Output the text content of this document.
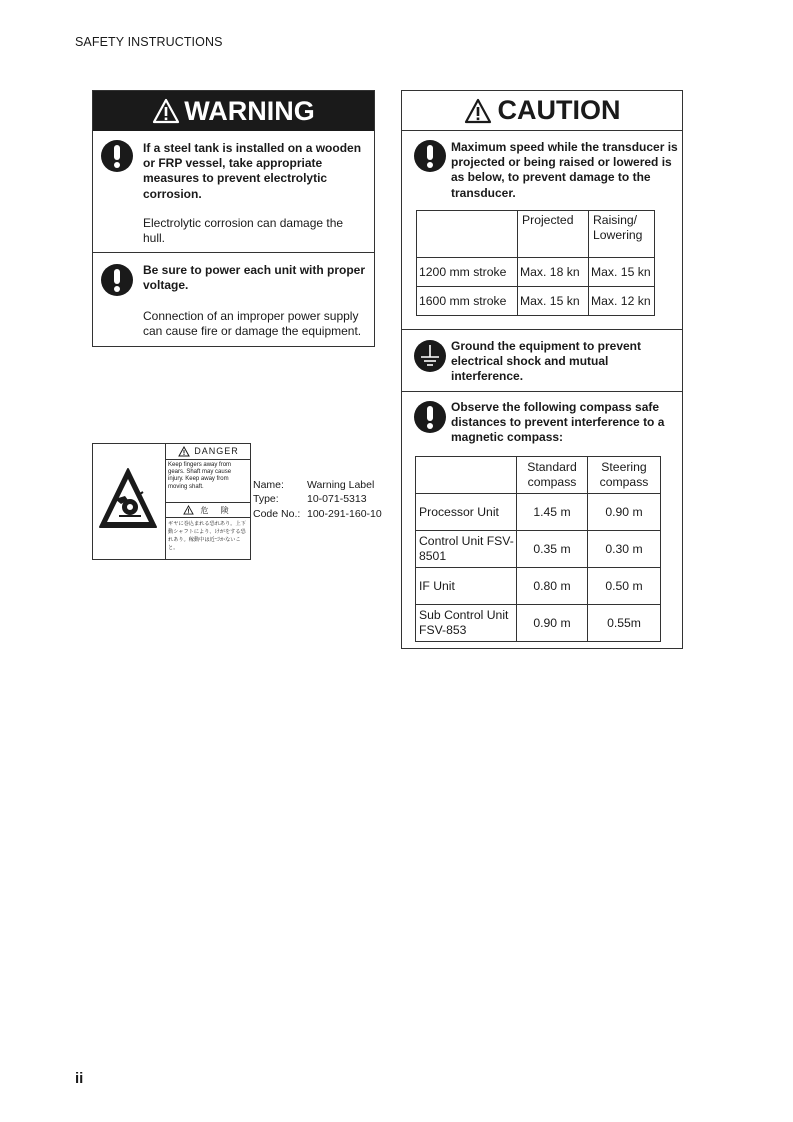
SAFETY INSTRUCTIONS
WARNING
If a steel tank is installed on a wooden or FRP vessel, take appropriate measures to prevent electrolytic corrosion.
Electrolytic corrosion can damage the hull.
Be sure to power each unit with proper voltage.
Connection of an improper power supply can cause fire or damage the equipment.
CAUTION
Maximum speed while the transducer is projected or being raised or lowered is as below, to prevent damage to the transducer.
	Projected	Raising/ Lowering
1200 mm stroke	Max. 18 kn	Max. 15 kn
1600 mm stroke	Max. 15 kn	Max. 12 kn
Ground the equipment to prevent electrical shock and mutual interference.
Observe the following compass safe distances to prevent interference to a magnetic compass:
	Standard compass	Steering compass
Processor Unit	1.45 m	0.90 m
Control Unit FSV-8501	0.35 m	0.30 m
IF Unit	0.80 m	0.50 m
Sub Control Unit FSV-853	0.90 m	0.55m
DANGER
Keep fingers away from gears. Shaft may cause injury. Keep away from moving shaft.
危 険
ギヤに巻込まれる恐れあり。上下動シャフトにより、けがをする恐れあり。稼動中は近づかないこと。
Name:	Warning Label
Type:	10-071-5313
Code No.: 100-291-160-10
ii
